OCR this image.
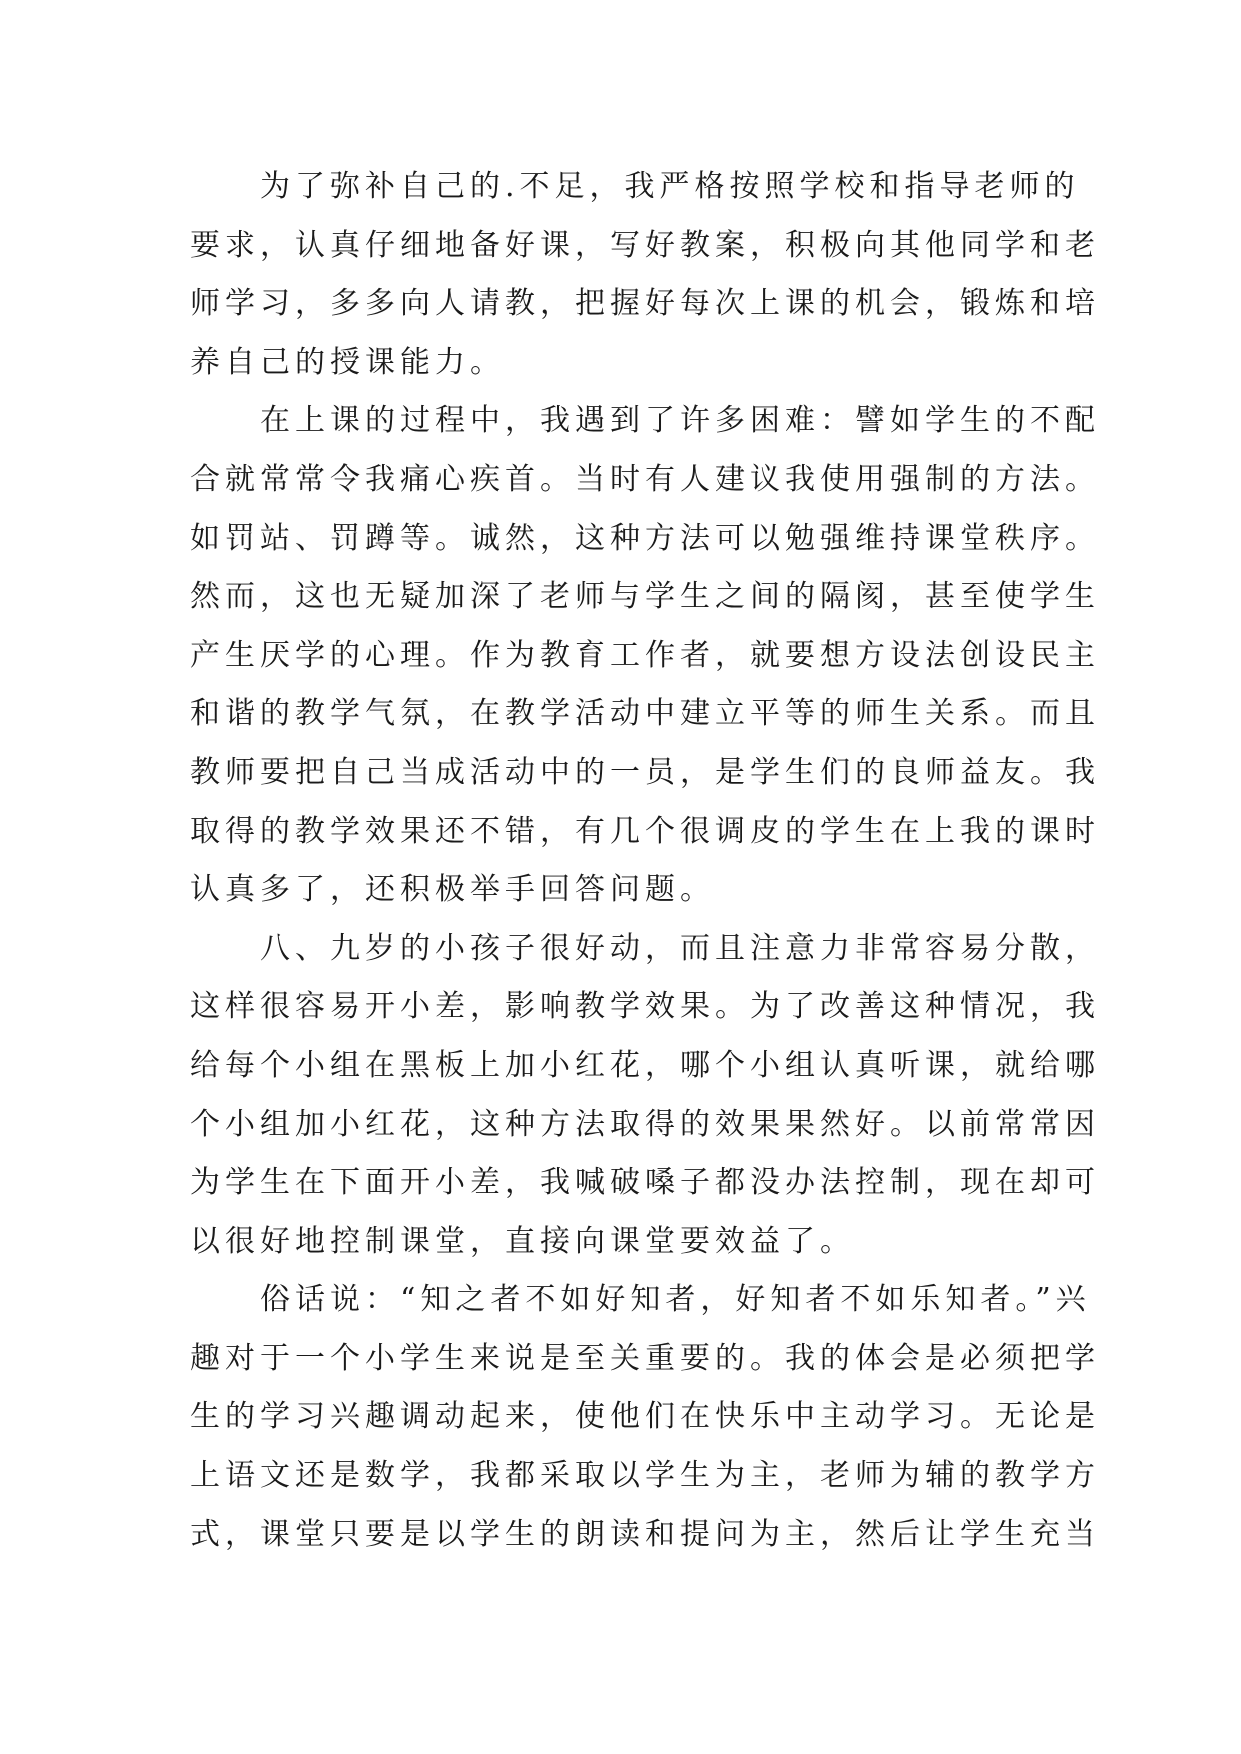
　　为了弥补自己的.不足，我严格按照学校和指导老师的
要求，认真仔细地备好课，写好教案，积极向其他同学和老
师学习，多多向人请教，把握好每次上课的机会，锻炼和培
养自己的授课能力。
　　在上课的过程中，我遇到了许多困难：譬如学生的不配
合就常常令我痛心疾首。当时有人建议我使用强制的方法。
如罚站、罚蹲等。诚然，这种方法可以勉强维持课堂秩序。
然而，这也无疑加深了老师与学生之间的隔阂，甚至使学生
产生厌学的心理。作为教育工作者，就要想方设法创设民主
和谐的教学气氛，在教学活动中建立平等的师生关系。而且
教师要把自己当成活动中的一员，是学生们的良师益友。我
取得的教学效果还不错，有几个很调皮的学生在上我的课时
认真多了，还积极举手回答问题。
　　八、九岁的小孩子很好动，而且注意力非常容易分散，
这样很容易开小差，影响教学效果。为了改善这种情况，我
给每个小组在黑板上加小红花，哪个小组认真听课，就给哪
个小组加小红花，这种方法取得的效果果然好。以前常常因
为学生在下面开小差，我喊破嗓子都没办法控制，现在却可
以很好地控制课堂，直接向课堂要效益了。
　　俗话说：“知之者不如好知者，好知者不如乐知者。”兴
趣对于一个小学生来说是至关重要的。我的体会是必须把学
生的学习兴趣调动起来，使他们在快乐中主动学习。无论是
上语文还是数学，我都采取以学生为主，老师为辅的教学方
式，课堂只要是以学生的朗读和提问为主，然后让学生充当
